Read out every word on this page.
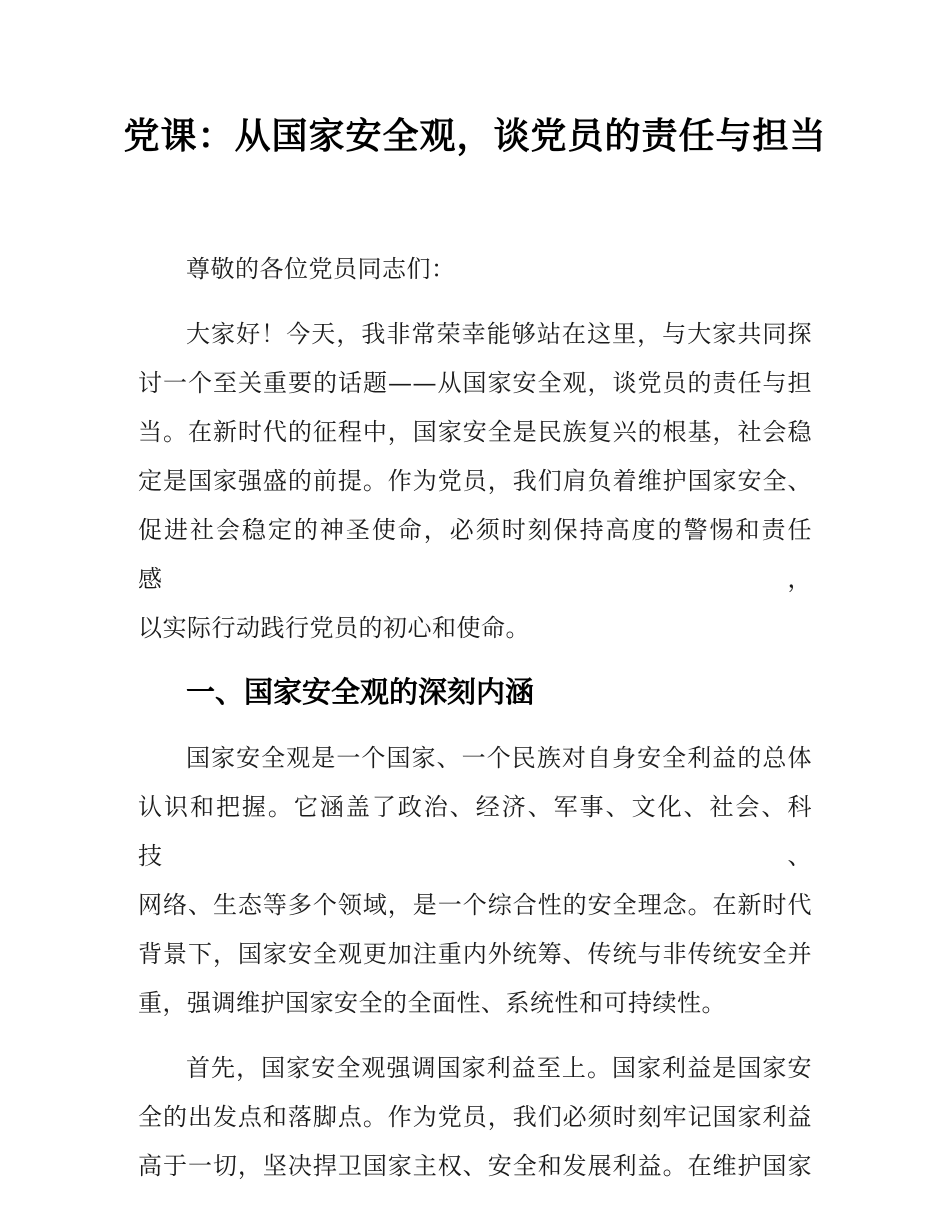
党课：从国家安全观，谈党员的责任与担当
尊敬的各位党员同志们：
大家好！今天，我非常荣幸能够站在这里，与大家共同探
讨一个至关重要的话题——从国家安全观，谈党员的责任与担
当。在新时代的征程中，国家安全是民族复兴的根基，社会稳
定是国家强盛的前提。作为党员，我们肩负着维护国家安全、
促进社会稳定的神圣使命，必须时刻保持高度的警惕和责任感，
以实际行动践行党员的初心和使命。
一、国家安全观的深刻内涵
国家安全观是一个国家、一个民族对自身安全利益的总体
认识和把握。它涵盖了政治、经济、军事、文化、社会、科技、
网络、生态等多个领域，是一个综合性的安全理念。在新时代
背景下，国家安全观更加注重内外统筹、传统与非传统安全并
重，强调维护国家安全的全面性、系统性和可持续性。
首先，国家安全观强调国家利益至上。国家利益是国家安
全的出发点和落脚点。作为党员，我们必须时刻牢记国家利益
高于一切，坚决捍卫国家主权、安全和发展利益。在维护国家
